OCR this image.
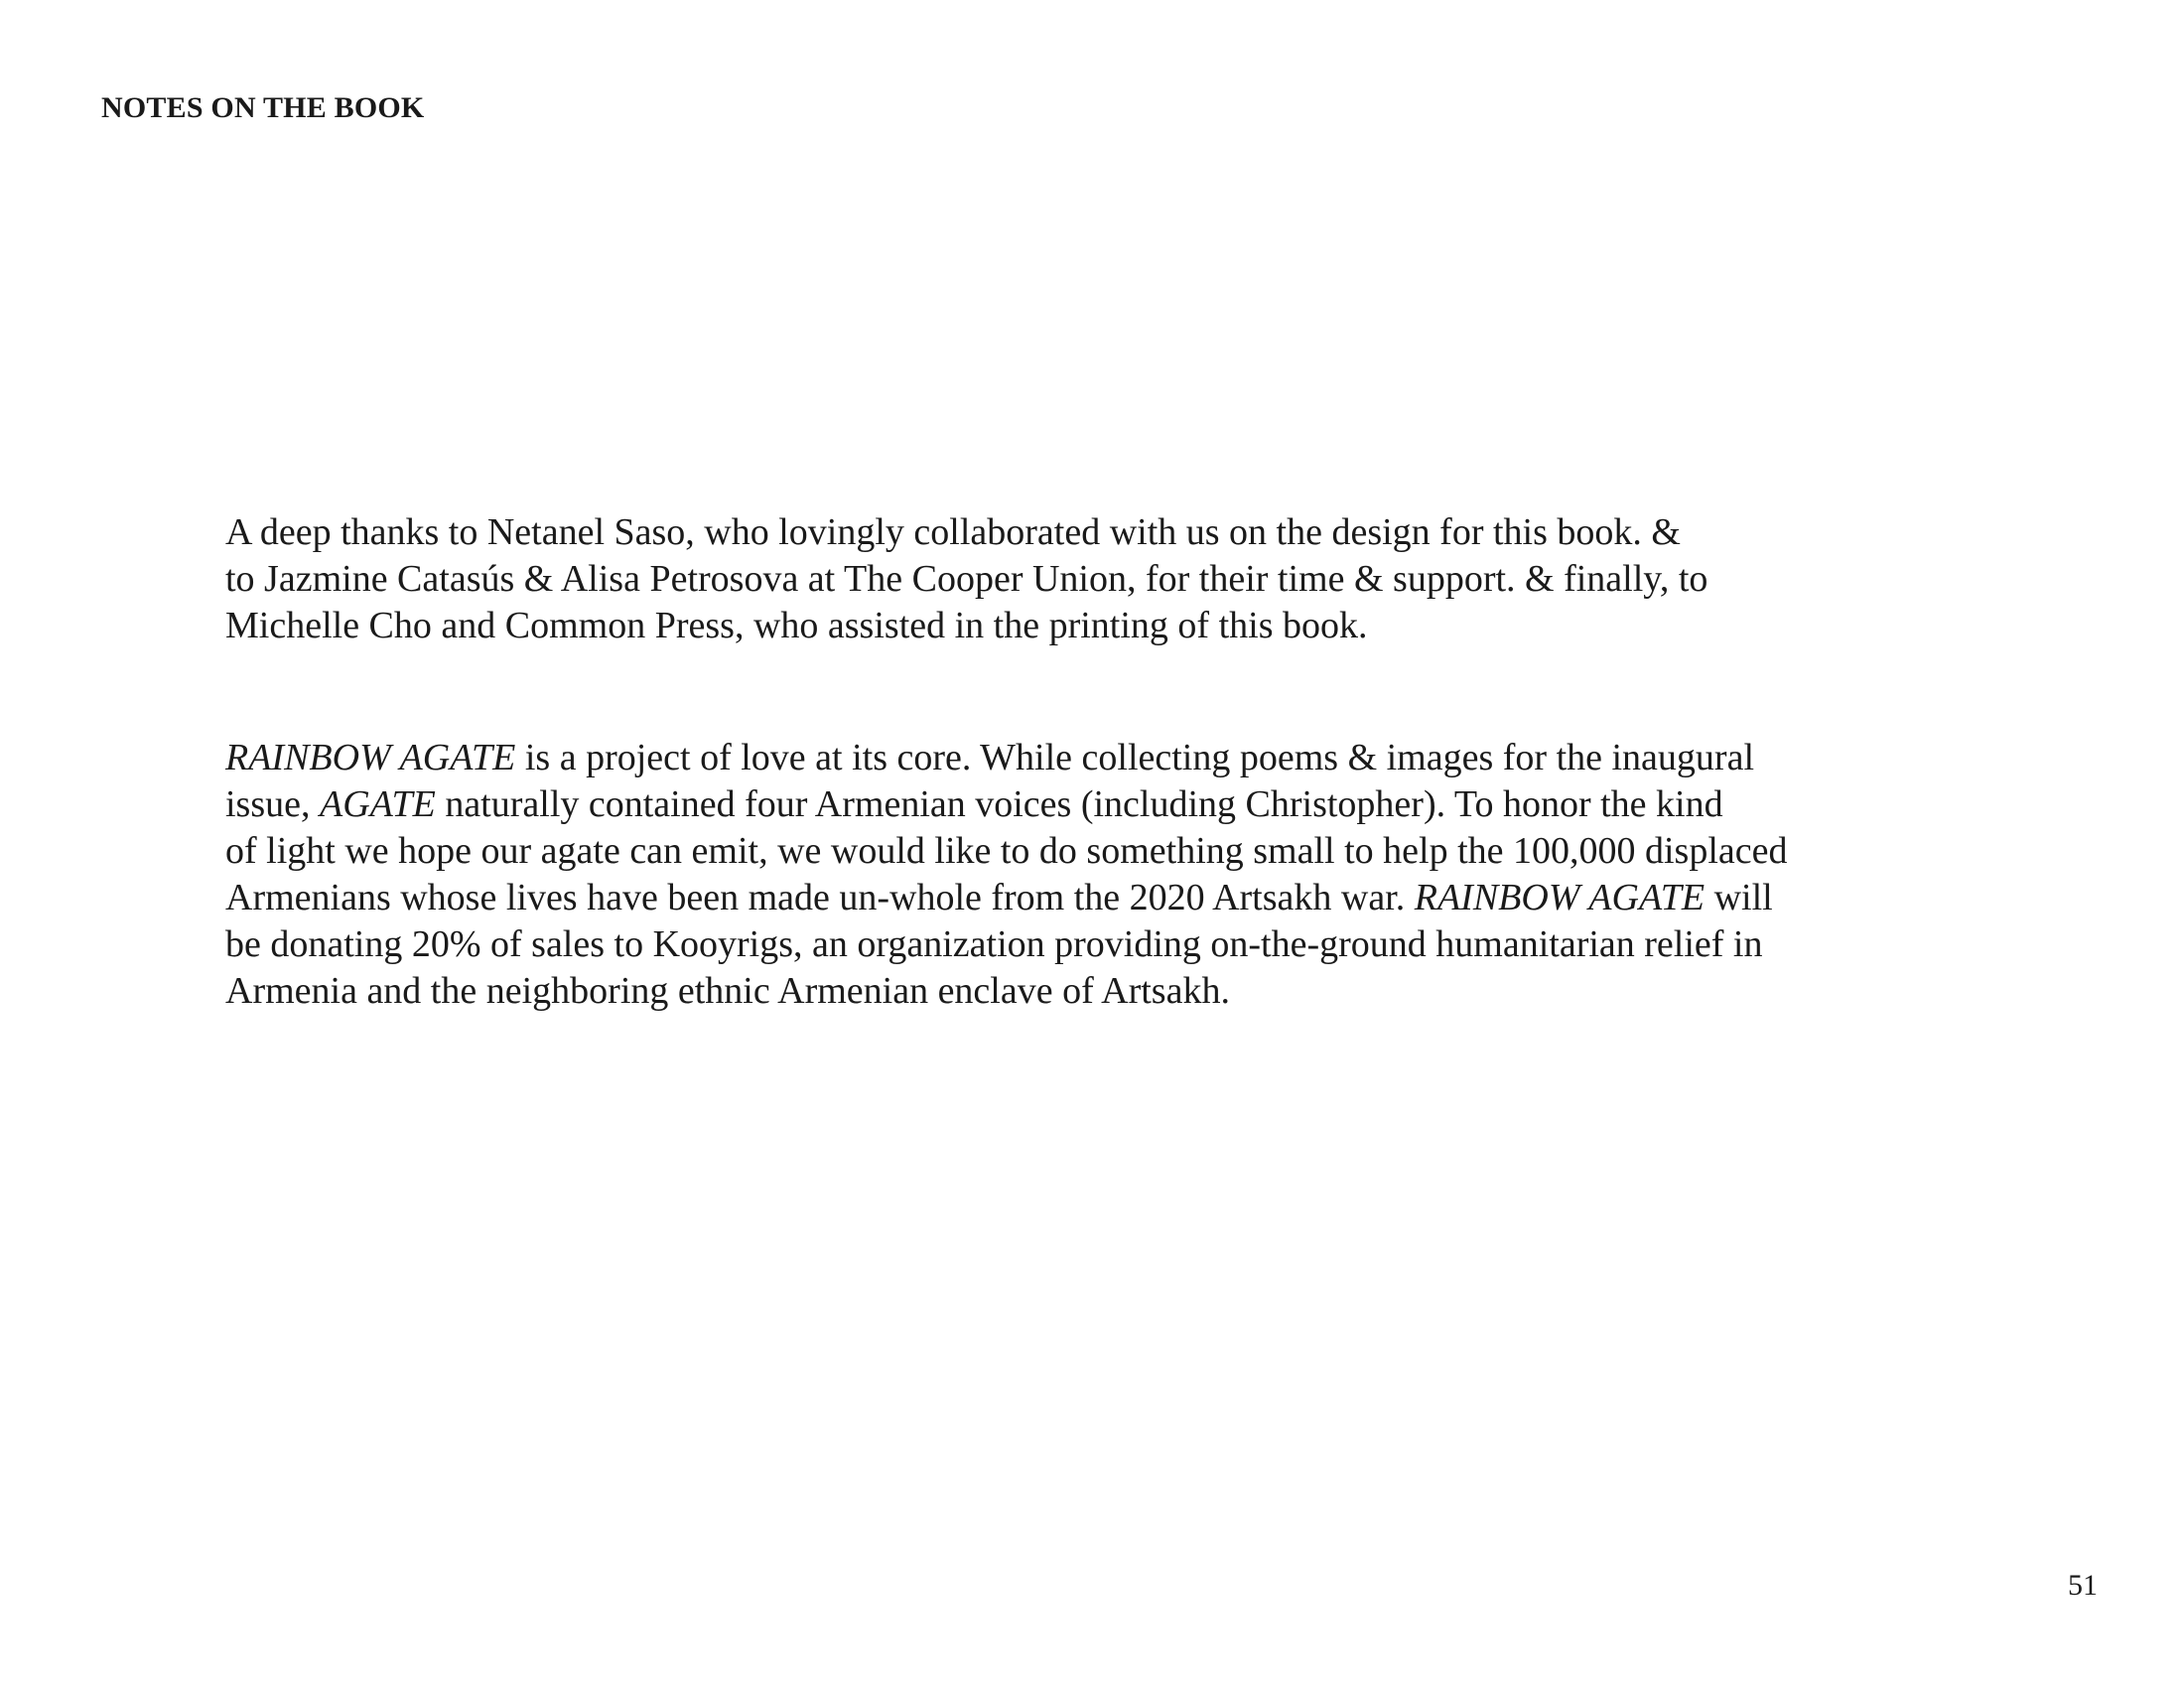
NOTES ON THE BOOK

A deep thanks to Netanel Saso, who lovingly collaborated with us on the design for this book. &
to Jazmine Catasús & Alisa Petrosova at The Cooper Union, for their time & support. & finally, to
Michelle Cho and Common Press, who assisted in the printing of this book.

RAINBOW AGATE is a project of love at its core. While collecting poems & images for the inaugural
issue, AGATE naturally contained four Armenian voices (including Christopher). To honor the kind
of light we hope our agate can emit, we would like to do something small to help the 100,000 displaced
Armenians whose lives have been made un-whole from the 2020 Artsakh war. RAINBOW AGATE will
be donating 20% of sales to Kooyrigs, an organization providing on-the-ground humanitarian relief in
Armenia and the neighboring ethnic Armenian enclave of Artsakh.

51
